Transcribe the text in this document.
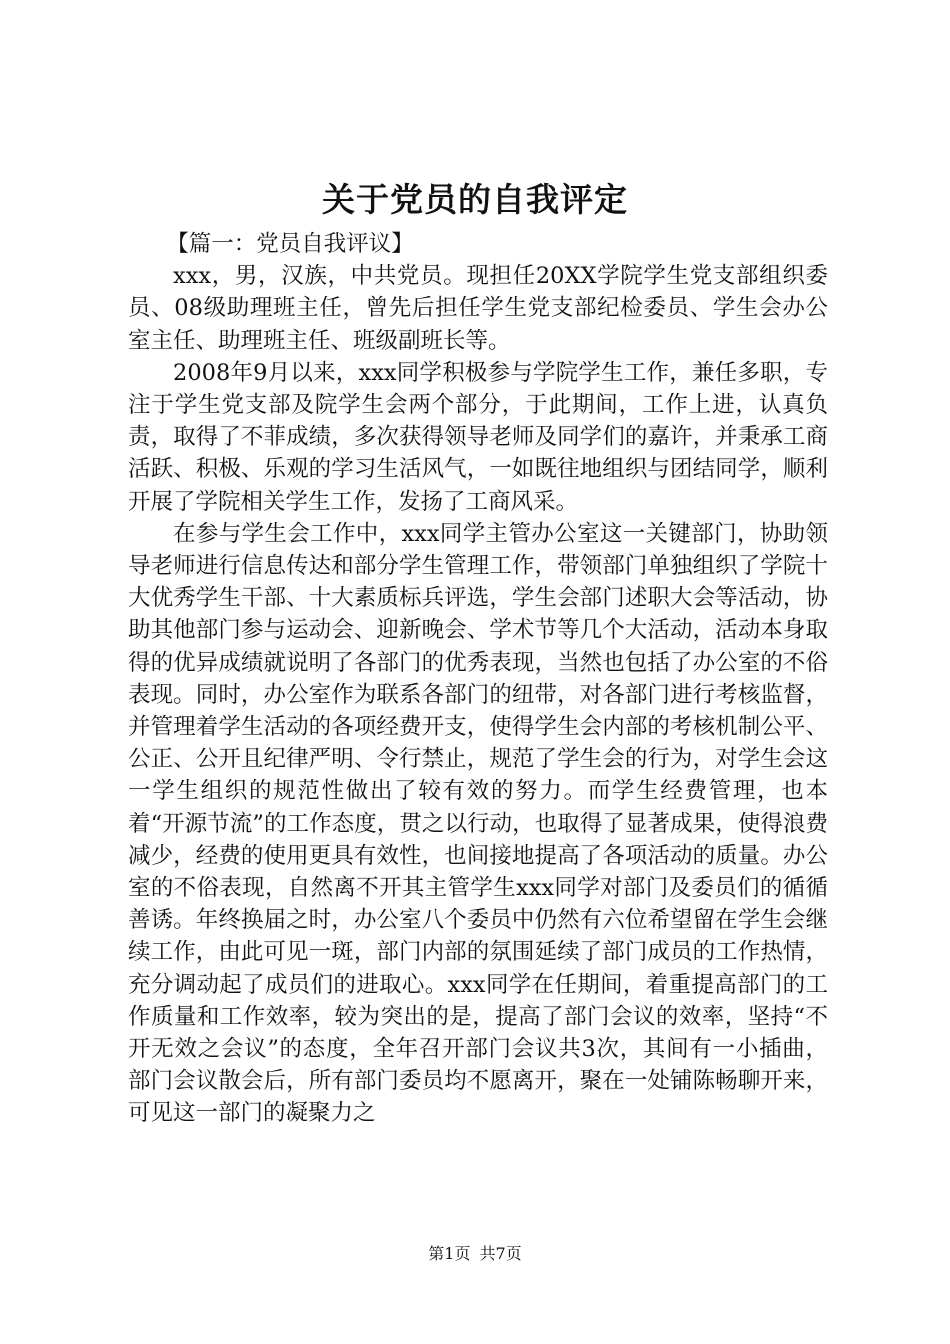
关于党员的自我评定

【篇一：党员自我评议】

xxx，男，汉族，中共党员。现担任20XX学院学生党支部组织委员、08级助理班主任，曾先后担任学生党支部纪检委员、学生会办公室主任、助理班主任、班级副班长等。

2008年9月以来，xxx同学积极参与学院学生工作，兼任多职，专注于学生党支部及院学生会两个部分，于此期间，工作上进，认真负责，取得了不菲成绩，多次获得领导老师及同学们的嘉许，并秉承工商活跃、积极、乐观的学习生活风气，一如既往地组织与团结同学，顺利开展了学院相关学生工作，发扬了工商风采。

在参与学生会工作中，xxx同学主管办公室这一关键部门，协助领导老师进行信息传达和部分学生管理工作，带领部门单独组织了学院十大优秀学生干部、十大素质标兵评选，学生会部门述职大会等活动，协助其他部门参与运动会、迎新晚会、学术节等几个大活动，活动本身取得的优异成绩就说明了各部门的优秀表现，当然也包括了办公室的不俗表现。同时，办公室作为联系各部门的纽带，对各部门进行考核监督，并管理着学生活动的各项经费开支，使得学生会内部的考核机制公平、公正、公开且纪律严明、令行禁止，规范了学生会的行为，对学生会这一学生组织的规范性做出了较有效的努力。而学生经费管理，也本着“开源节流”的工作态度，贯之以行动，也取得了显著成果，使得浪费减少，经费的使用更具有效性，也间接地提高了各项活动的质量。办公室的不俗表现，自然离不开其主管学生xxx同学对部门及委员们的循循善诱。年终换届之时，办公室八个委员中仍然有六位希望留在学生会继续工作，由此可见一斑，部门内部的氛围延续了部门成员的工作热情，充分调动起了成员们的进取心。xxx同学在任期间，着重提高部门的工作质量和工作效率，较为突出的是，提高了部门会议的效率，坚持“不开无效之会议”的态度，全年召开部门会议共3次，其间有一小插曲，部门会议散会后，所有部门委员均不愿离开，聚在一处铺陈畅聊开来，可见这一部门的凝聚力之

第1页 共7页
